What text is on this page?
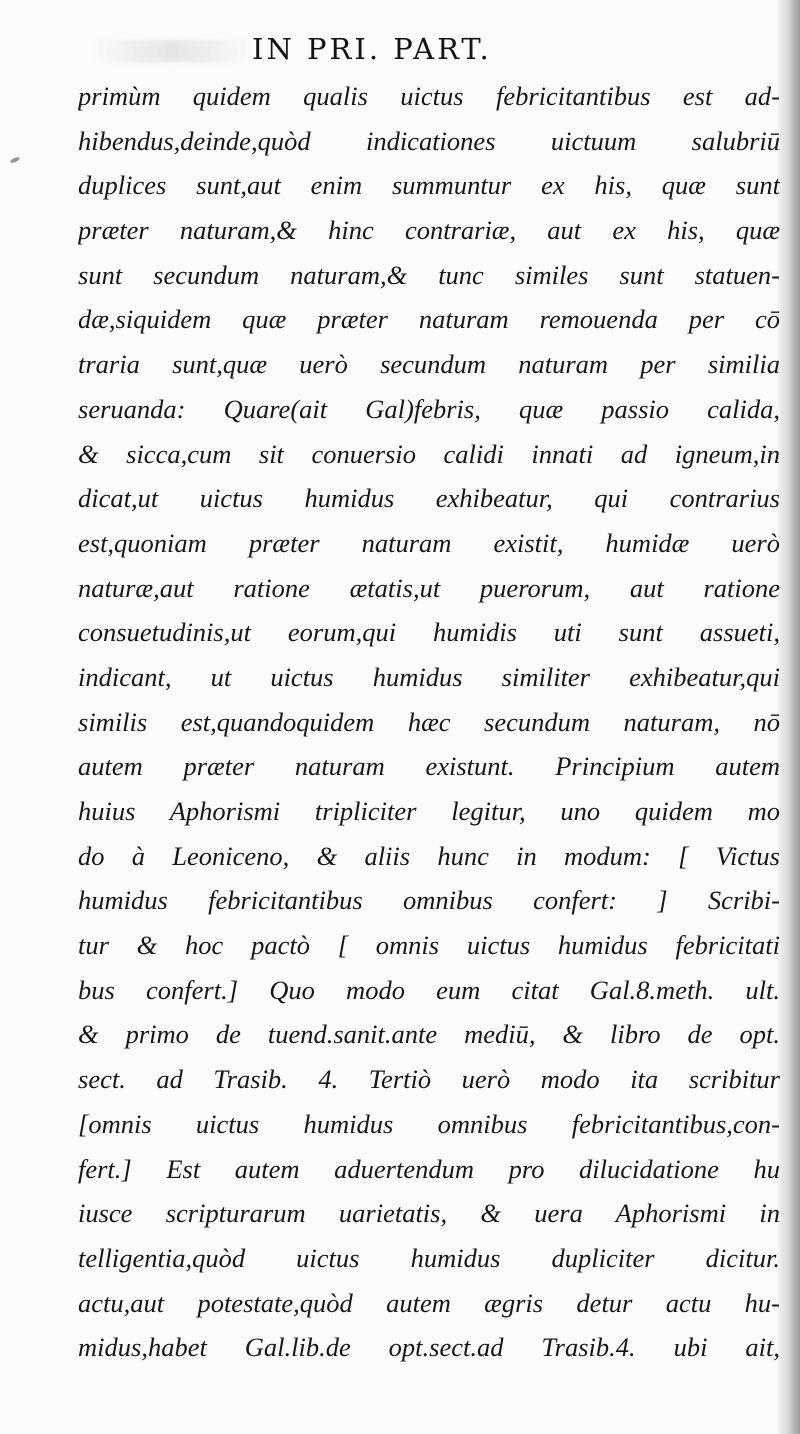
IN PRI. PART.
primùm quidem qualis uictus febricitantibus est ad-
hibendus,deinde,quòd indicationes uictuum salubriū
duplices sunt,aut enim summuntur ex his, quæ sunt
præter naturam,& hinc contrariæ, aut ex his, quæ
sunt secundum naturam,& tunc similes sunt statuen-
dæ,siquidem quæ præter naturam remouenda per cō
traria sunt,quæ uerò secundum naturam per similia
seruanda: Quare(ait Gal)febris, quæ passio calida,
& sicca,cum sit conuersio calidi innati ad igneum,in
dicat,ut uictus humidus exhibeatur, qui contrarius
est,quoniam præter naturam existit, humidæ uerò
naturæ,aut ratione ætatis,ut puerorum, aut ratione
consuetudinis,ut eorum,qui humidis uti sunt assueti,
indicant, ut uictus humidus similiter exhibeatur,qui
similis est,quandoquidem hæc secundum naturam, nō
autem præter naturam existunt. Principium autem
huius Aphorismi tripliciter legitur, uno quidem mo
do à Leoniceno, & aliis hunc in modum: [ Victus
humidus febricitantibus omnibus confert: ] Scribi-
tur & hoc pactò [ omnis uictus humidus febricitati
bus confert.] Quo modo eum citat Gal.8.meth. ult.
& primo de tuend.sanit.ante mediū, & libro de opt.
sect. ad Trasib. 4. Tertiò uerò modo ita scribitur
[omnis uictus humidus omnibus febricitantibus,con-
fert.] Est autem aduertendum pro dilucidatione hu
iusce scripturarum uarietatis, & uera Aphorismi in
telligentia,quòd uictus humidus dupliciter dicitur.
actu,aut potestate,quòd autem ægris detur actu hu-
midus,habet Gal.lib.de opt.sect.ad Trasib.4. ubi ait,
